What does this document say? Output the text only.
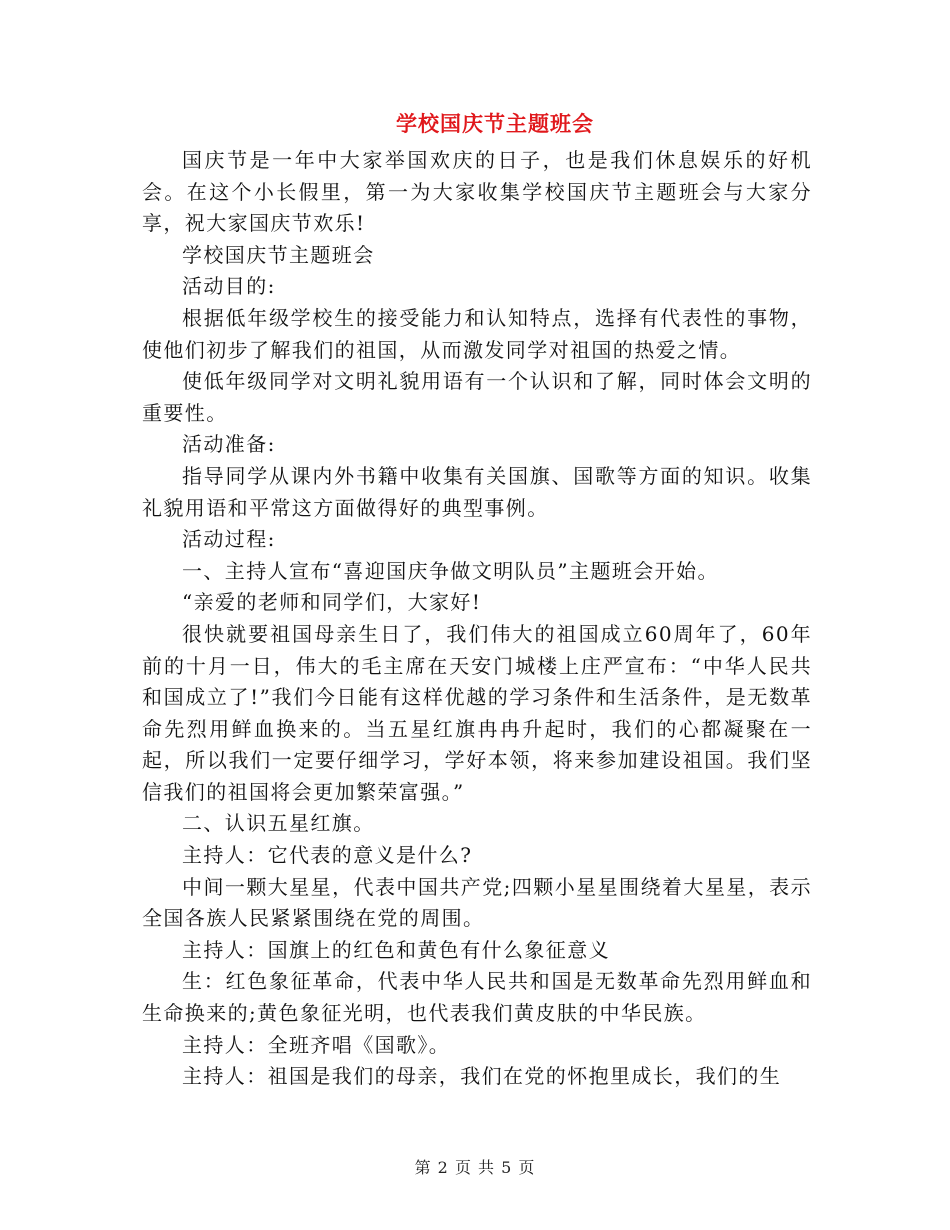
学校国庆节主题班会

国庆节是一年中大家举国欢庆的日子，也是我们休息娱乐的好机会。在这个小长假里，第一为大家收集学校国庆节主题班会与大家分享，祝大家国庆节欢乐!

学校国庆节主题班会

活动目的:

根据低年级学校生的接受能力和认知特点，选择有代表性的事物，使他们初步了解我们的祖国，从而激发同学对祖国的热爱之情。

使低年级同学对文明礼貌用语有一个认识和了解，同时体会文明的重要性。

活动准备:

指导同学从课内外书籍中收集有关国旗、国歌等方面的知识。收集礼貌用语和平常这方面做得好的典型事例。

活动过程:

一、主持人宣布“喜迎国庆争做文明队员”主题班会开始。

“亲爱的老师和同学们，大家好!

很快就要祖国母亲生日了，我们伟大的祖国成立60周年了，60年前的十月一日，伟大的毛主席在天安门城楼上庄严宣布：“中华人民共和国成立了!”我们今日能有这样优越的学习条件和生活条件，是无数革命先烈用鲜血换来的。当五星红旗冉冉升起时，我们的心都凝聚在一起，所以我们一定要仔细学习，学好本领，将来参加建设祖国。我们坚信我们的祖国将会更加繁荣富强。”

二、认识五星红旗。

主持人：它代表的意义是什么?

中间一颗大星星，代表中国共产党;四颗小星星围绕着大星星，表示全国各族人民紧紧围绕在党的周围。

主持人：国旗上的红色和黄色有什么象征意义

生：红色象征革命，代表中华人民共和国是无数革命先烈用鲜血和生命换来的;黄色象征光明，也代表我们黄皮肤的中华民族。

主持人：全班齐唱《国歌》。

主持人：祖国是我们的母亲，我们在党的怀抱里成长，我们的生

第 2 页 共 5 页
